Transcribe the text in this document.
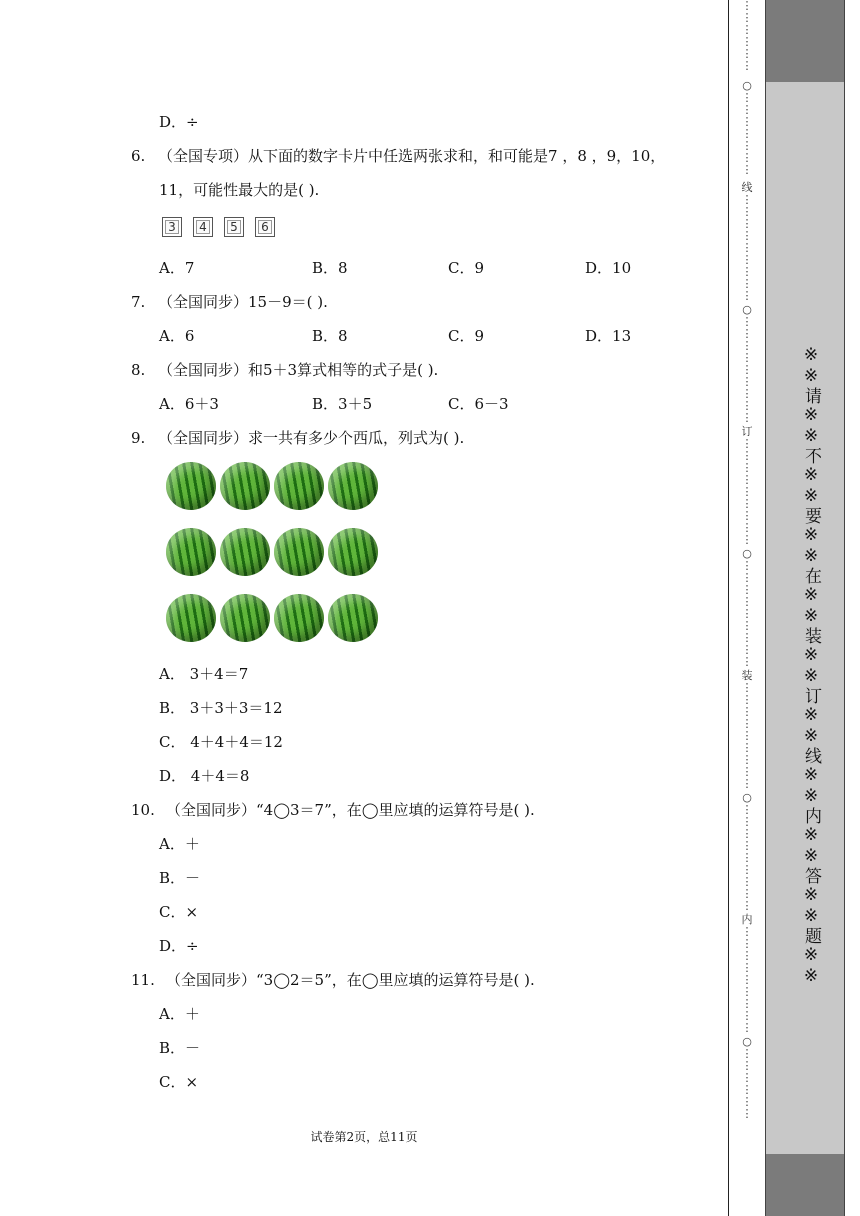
D．÷
6. （全国专项）从下面的数字卡片中任选两张求和，和可能是7 ，8 ，9，10，
11，可能性最大的是( ).
3	4	5	6
A．7	B．8	C．9	D．10
7. （全国同步）15－9＝( ).
A．6	B．8	C．9	D．13
8. （全国同步）和5＋3算式相等的式子是( ).
A．6＋3	B．3＋5	C．6－3
9. （全国同步）求一共有多少个西瓜，列式为( ).
A． 3＋4＝7
B． 3＋3＋3＝12
C． 4＋4＋4＝12
D． 4＋4＝8
10. （全国同步）“4◯3＝7”，在◯里应填的运算符号是( ).
A．＋
B．－
C．×
D．÷
11. （全国同步）“3◯2＝5”，在◯里应填的运算符号是( ).
A．＋
B．－
C．×
试卷第2页，总11页
⋮
⋮
⋮
⋮
⋮
⋮
○
⋮
⋮
⋮
⋮
⋮
⋮
⋮
线
⋮
⋮
⋮
⋮
⋮
⋮
⋮
⋮
⋮
○
⋮
⋮
⋮
⋮
⋮
⋮
⋮
⋮
⋮
订
⋮
⋮
⋮
⋮
⋮
⋮
⋮
⋮
⋮
○
⋮
⋮
⋮
⋮
⋮
⋮
⋮
⋮
⋮
装
⋮
⋮
⋮
⋮
⋮
⋮
⋮
⋮
⋮
○
⋮
⋮
⋮
⋮
⋮
⋮
⋮
⋮
⋮
内
⋮
⋮
⋮
⋮
⋮
⋮
⋮
⋮
⋮
○
⋮
⋮
⋮
⋮
⋮
⋮
※※请※※不※※要※※在※※装※※订※※线※※内※※答※※题※※
